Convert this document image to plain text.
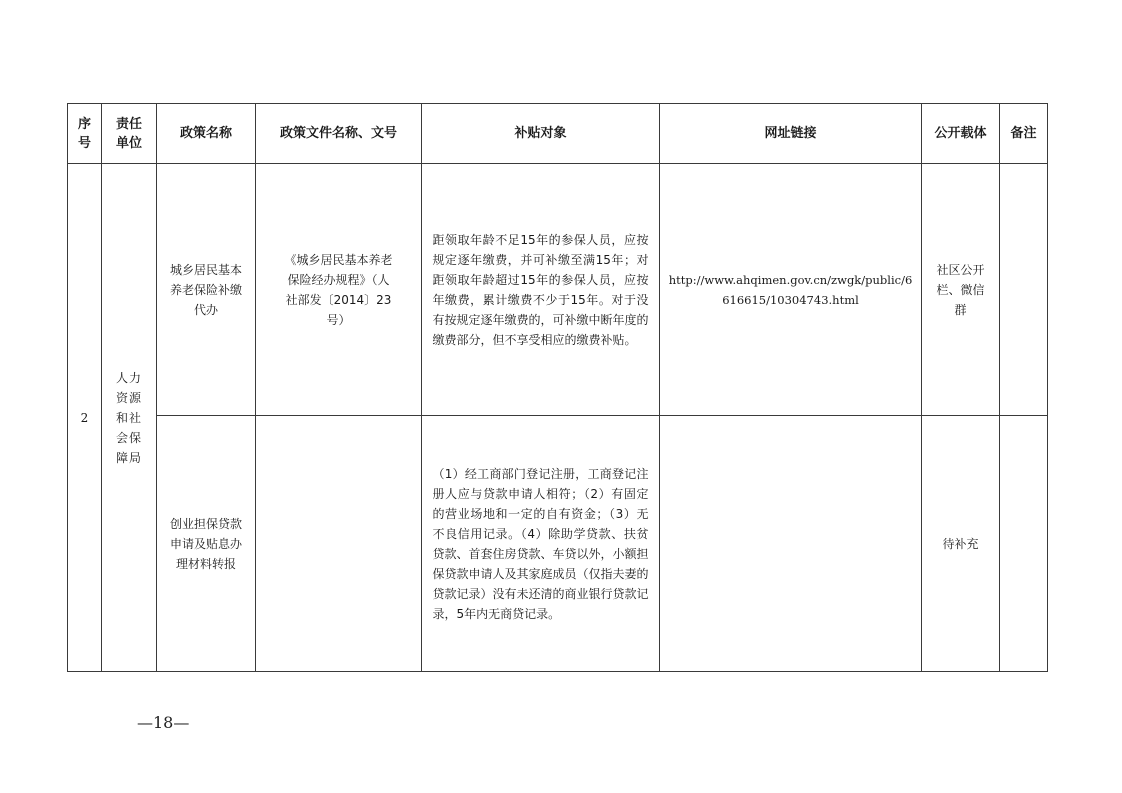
序号	责任单位	政策名称	政策文件名称、文号	补贴对象	网址链接	公开载体	备注
2	人力资源和社会保障局	城乡居民基本养老保险补缴代办	《城乡居民基本养老保险经办规程》（人社部发〔2014〕23号）	距领取年龄不足15年的参保人员，应按规定逐年缴费，并可补缴至满15年；对距领取年龄超过15年的参保人员，应按年缴费，累计缴费不少于15年。对于没有按规定逐年缴费的，可补缴中断年度的缴费部分，但不享受相应的缴费补贴。	http://www.ahqimen.gov.cn/zwgk/public/6616615/10304743.html	社区公开栏、微信群	
		创业担保贷款申请及贴息办理材料转报		（1）经工商部门登记注册，工商登记注册人应与贷款申请人相符；（2）有固定的营业场地和一定的自有资金；（3）无不良信用记录。（4）除助学贷款、扶贫贷款、首套住房贷款、车贷以外，小额担保贷款申请人及其家庭成员（仅指夫妻的贷款记录）没有未还清的商业银行贷款记录，5年内无商贷记录。		待补充	
—18—
